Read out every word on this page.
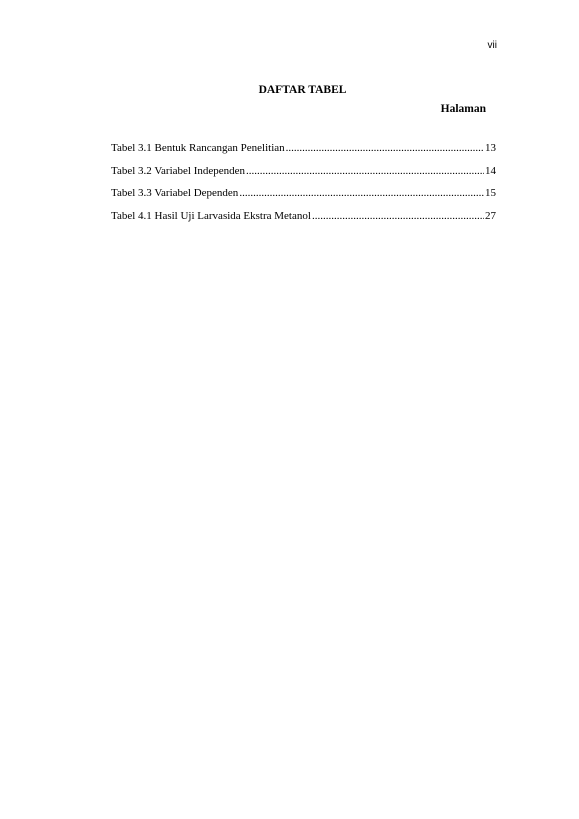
vii
DAFTAR TABEL
Halaman
Tabel 3.1 Bentuk Rancangan Penelitian .....	13
Tabel 3.2 Variabel Independen .....	14
Tabel 3.3 Variabel Dependen .....	15
Tabel 4.1 Hasil Uji Larvasida Ekstra Metanol .....	27
